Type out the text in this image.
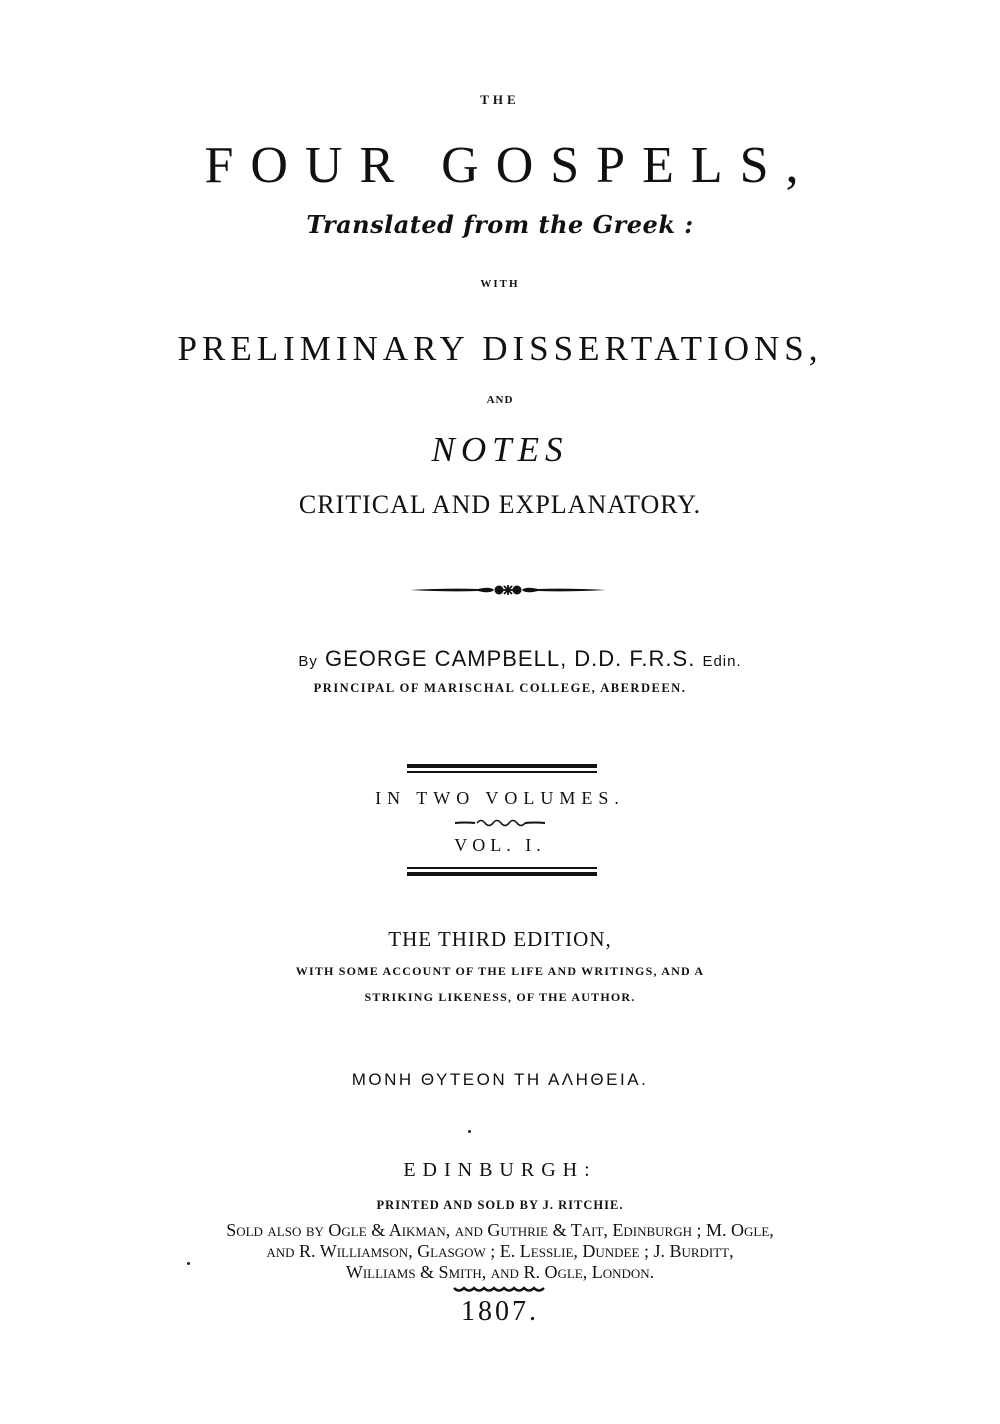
THE
FOUR GOSPELS,
Translated from the Greek :
WITH
PRELIMINARY DISSERTATIONS,
AND
NOTES
CRITICAL AND EXPLANATORY.
By GEORGE CAMPBELL, D.D. F.R.S. Edin.
PRINCIPAL OF MARISCHAL COLLEGE, ABERDEEN.
IN TWO VOLUMES.
VOL. I.
THE THIRD EDITION,
WITH SOME ACCOUNT OF THE LIFE AND WRITINGS, AND A
STRIKING LIKENESS, OF THE AUTHOR.
ΜΟΝΗ ΘΥΤΕΟΝ ΤΗ ΑΛΗΘΕΙΑ.
EDINBURGH:
PRINTED AND SOLD BY J. RITCHIE.
Sold also by Ogle & Aikman, and Guthrie & Tait, Edinburgh ; M. Ogle,
and R. Williamson, Glasgow ; E. Lesslie, Dundee ; J. Burditt,
Williams & Smith, and R. Ogle, London.
1807.
